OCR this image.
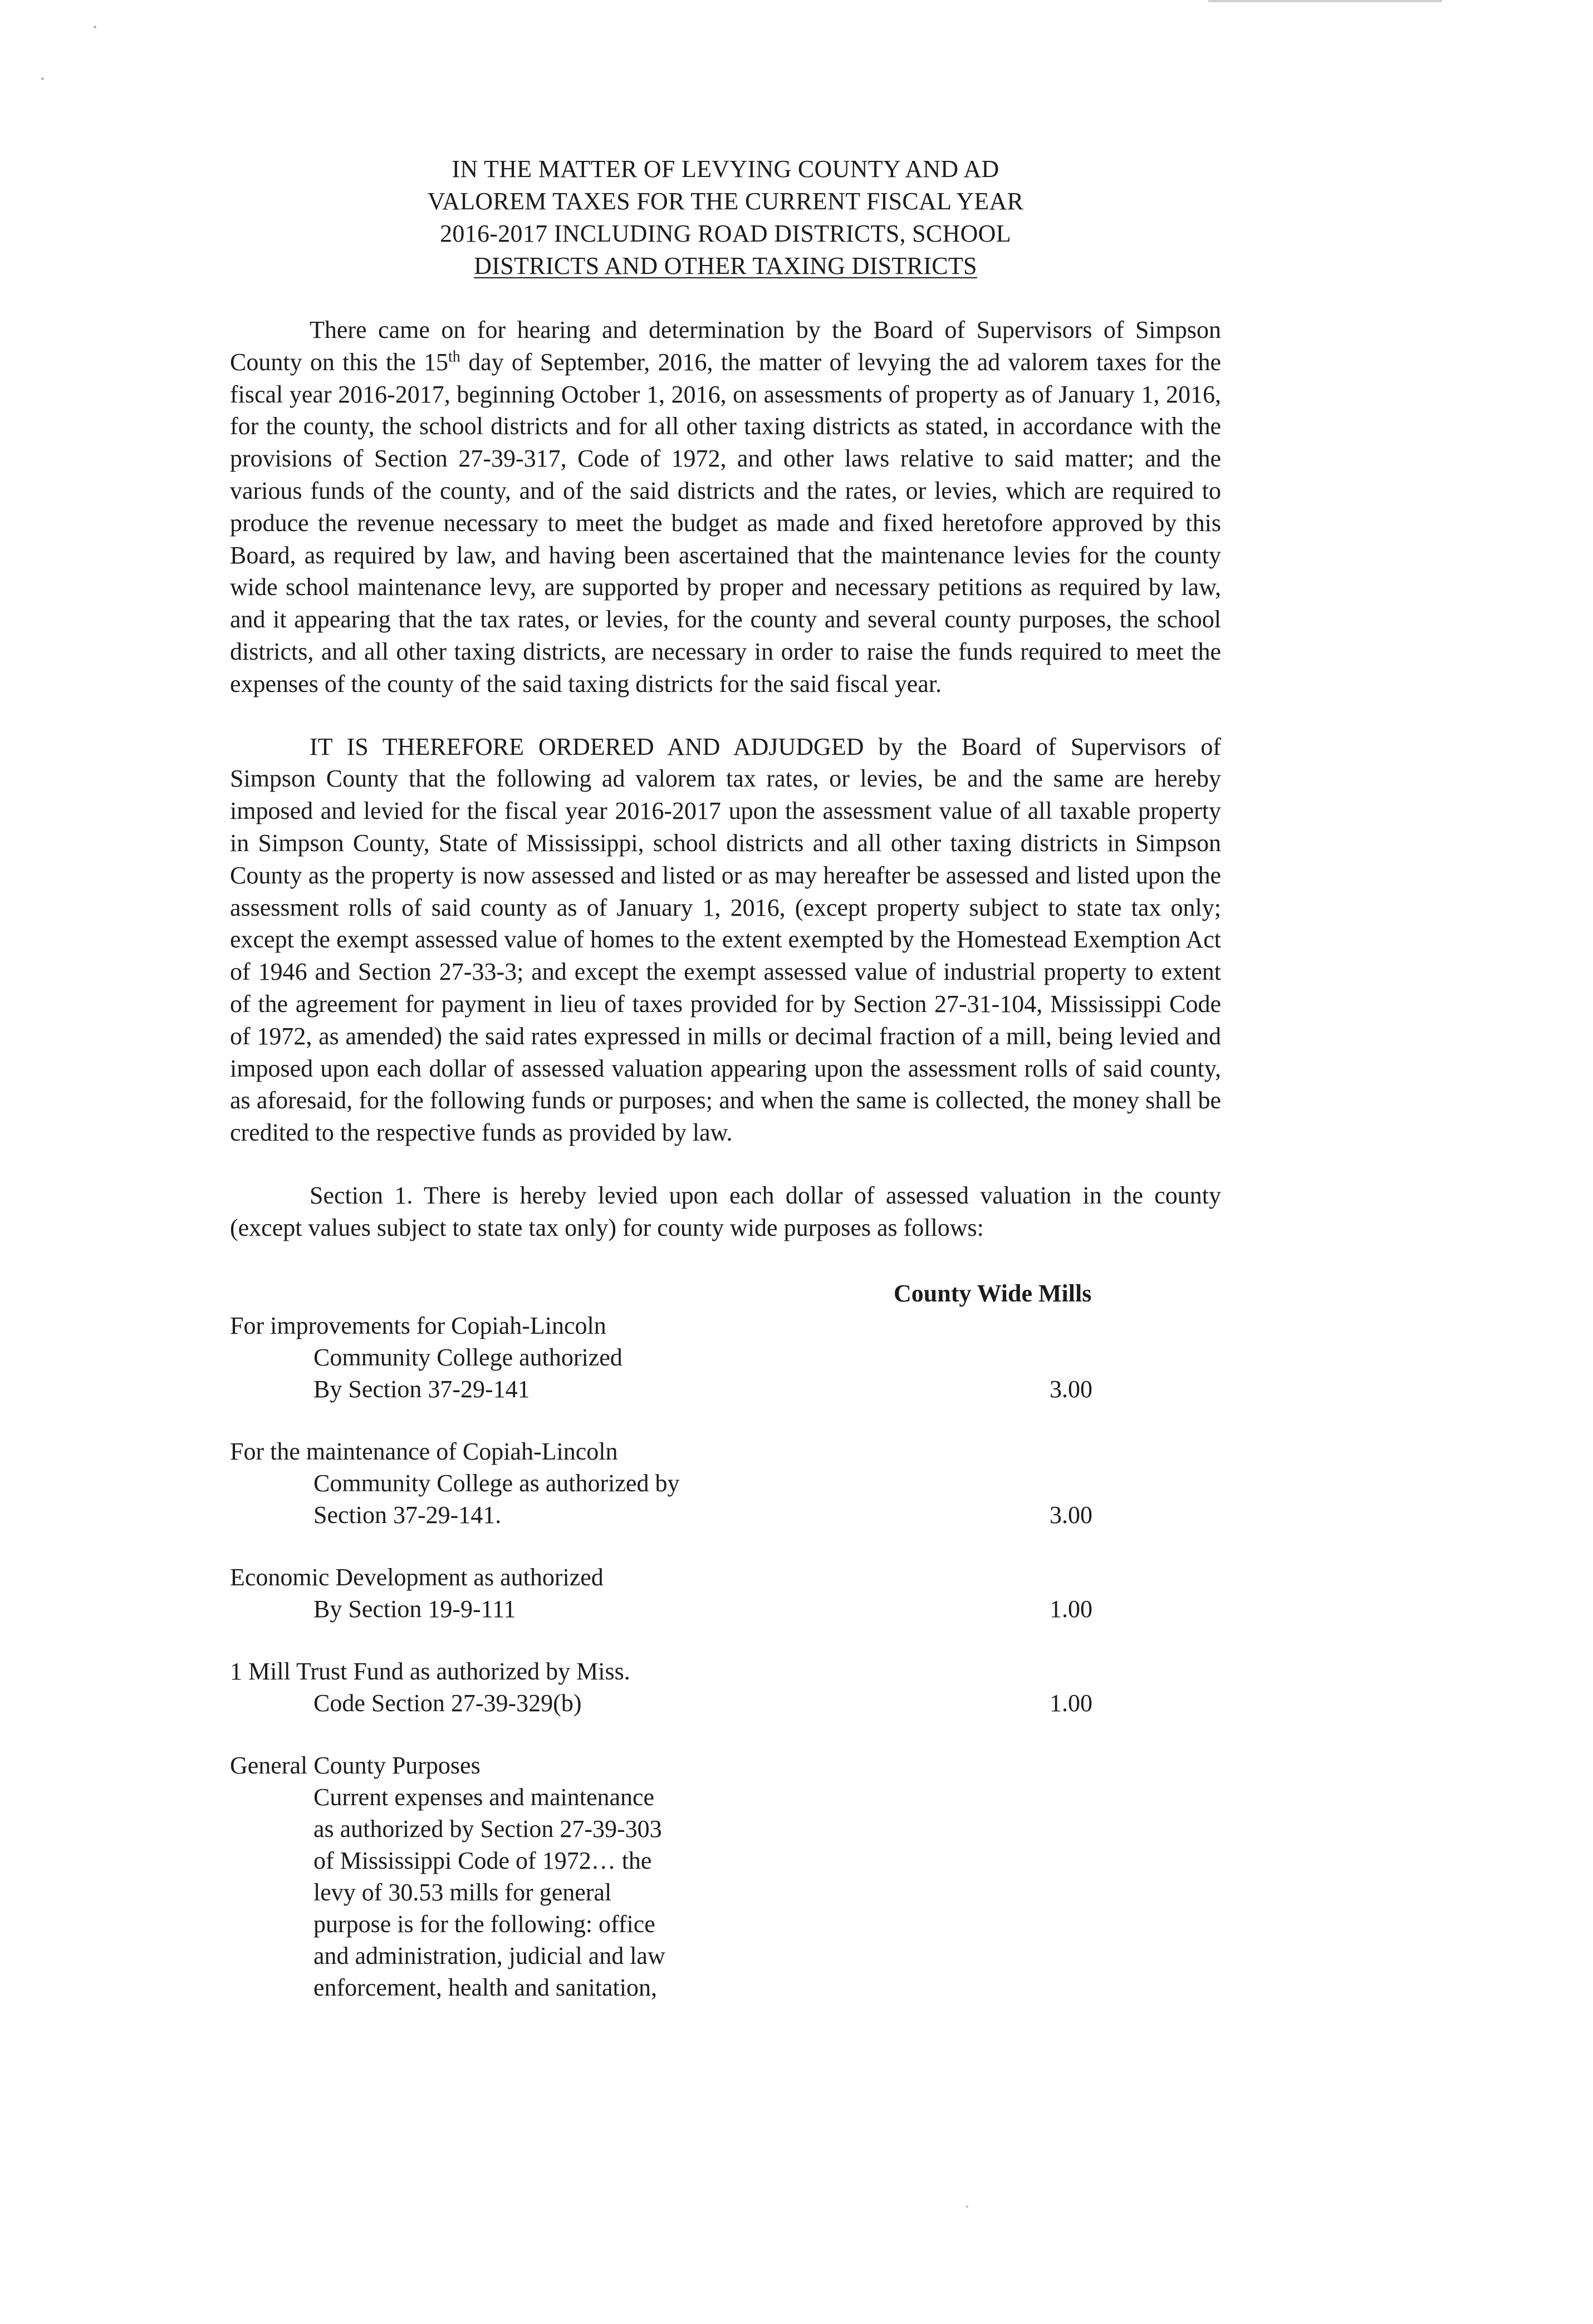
IN THE MATTER OF LEVYING COUNTY AND AD
VALOREM TAXES FOR THE CURRENT FISCAL YEAR
2016-2017 INCLUDING ROAD DISTRICTS, SCHOOL
DISTRICTS AND OTHER TAXING DISTRICTS

There came on for hearing and determination by the Board of Supervisors of Simpson County on this the 15th day of September, 2016, the matter of levying the ad valorem taxes for the fiscal year 2016-2017, beginning October 1, 2016, on assessments of property as of January 1, 2016, for the county, the school districts and for all other taxing districts as stated, in accordance with the provisions of Section 27-39-317, Code of 1972, and other laws relative to said matter; and the various funds of the county, and of the said districts and the rates, or levies, which are required to produce the revenue necessary to meet the budget as made and fixed heretofore approved by this Board, as required by law, and having been ascertained that the maintenance levies for the county wide school maintenance levy, are supported by proper and necessary petitions as required by law, and it appearing that the tax rates, or levies, for the county and several county purposes, the school districts, and all other taxing districts, are necessary in order to raise the funds required to meet the expenses of the county of the said taxing districts for the said fiscal year.

IT IS THEREFORE ORDERED AND ADJUDGED by the Board of Supervisors of Simpson County that the following ad valorem tax rates, or levies, be and the same are hereby imposed and levied for the fiscal year 2016-2017 upon the assessment value of all taxable property in Simpson County, State of Mississippi, school districts and all other taxing districts in Simpson County as the property is now assessed and listed or as may hereafter be assessed and listed upon the assessment rolls of said county as of January 1, 2016, (except property subject to state tax only; except the exempt assessed value of homes to the extent exempted by the Homestead Exemption Act of 1946 and Section 27-33-3; and except the exempt assessed value of industrial property to extent of the agreement for payment in lieu of taxes provided for by Section 27-31-104, Mississippi Code of 1972, as amended) the said rates expressed in mills or decimal fraction of a mill, being levied and imposed upon each dollar of assessed valuation appearing upon the assessment rolls of said county, as aforesaid, for the following funds or purposes; and when the same is collected, the money shall be credited to the respective funds as provided by law.

Section 1. There is hereby levied upon each dollar of assessed valuation in the county (except values subject to state tax only) for county wide purposes as follows:

County Wide Mills
For improvements for Copiah-Lincoln
Community College authorized
By Section 37-29-141	3.00
For the maintenance of Copiah-Lincoln
Community College as authorized by
Section 37-29-141.	3.00
Economic Development as authorized
By Section 19-9-111	1.00
1 Mill Trust Fund as authorized by Miss.
Code Section 27-39-329(b)	1.00
General County Purposes
Current expenses and maintenance
as authorized by Section 27-39-303
of Mississippi Code of 1972… the
levy of 30.53 mills for general
purpose is for the following: office
and administration, judicial and law
enforcement, health and sanitation,
